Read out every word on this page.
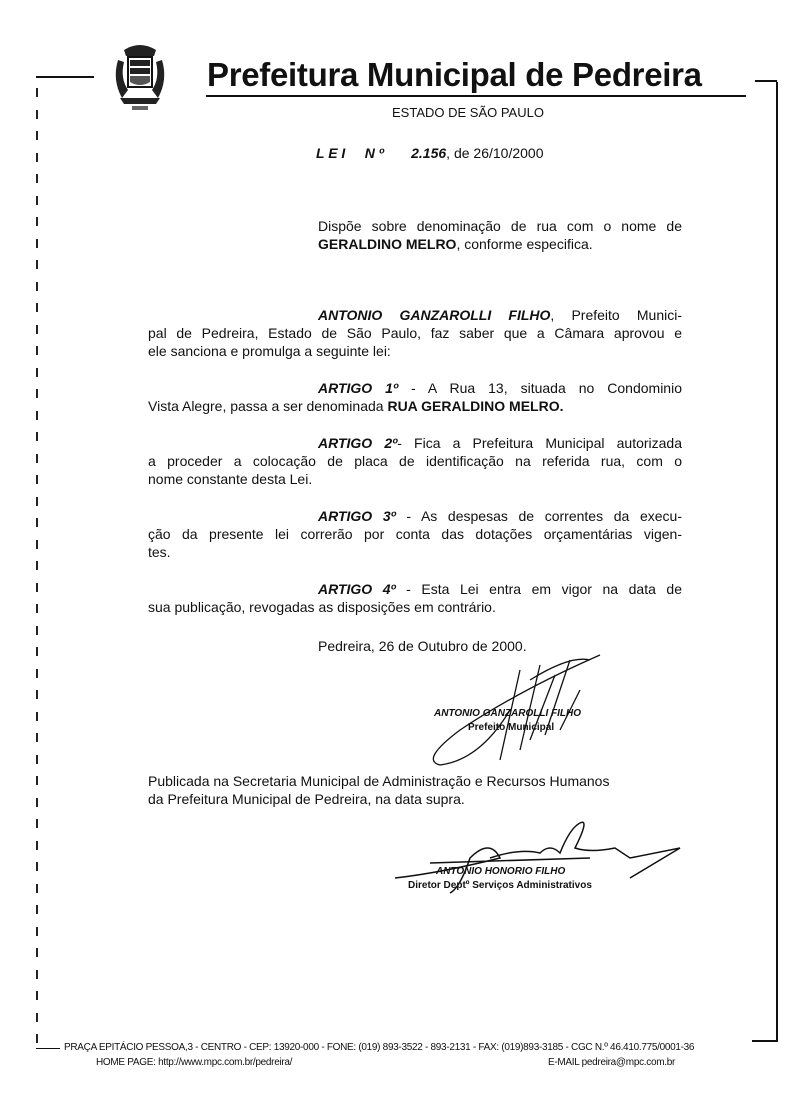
Prefeitura Municipal de Pedreira
ESTADO DE SÃO PAULO
L E I N º 2.156, de 26/10/2000
Dispõe sobre denominação de rua com o nome de
GERALDINO MELRO, conforme especifica.
ANTONIO GANZAROLLI FILHO, Prefeito Munici-
pal de Pedreira, Estado de São Paulo, faz saber que a Câmara aprovou e
ele sanciona e promulga a seguinte lei:
ARTIGO 1º - A Rua 13, situada no Condominio
Vista Alegre, passa a ser denominada RUA GERALDINO MELRO.
ARTIGO 2º- Fica a Prefeitura Municipal autorizada
a proceder a colocação de placa de identificação na referida rua, com o
nome constante desta Lei.
ARTIGO 3º - As despesas de correntes da execu-
ção da presente lei correrão por conta das dotações orçamentárias vigen-
tes.
ARTIGO 4º - Esta Lei entra em vigor na data de
sua publicação, revogadas as disposições em contrário.
Pedreira, 26 de Outubro de 2000.
ANTONIO GANZAROLLI FILHO
Prefeito Municipal
Publicada na Secretaria Municipal de Administração e Recursos Humanos
da Prefeitura Municipal de Pedreira, na data supra.
ANTONIO HONORIO FILHO
Diretor Deptº Serviços Administrativos
PRAÇA EPITÁCIO PESSOA,3 - CENTRO - CEP: 13920-000 - FONE: (019) 893-3522 - 893-2131 - FAX: (019)893-3185 - CGC N.º 46.410.775/0001-36
HOME PAGE: http://www.mpc.com.br/pedreira/	E-MAIL pedreira@mpc.com.br
